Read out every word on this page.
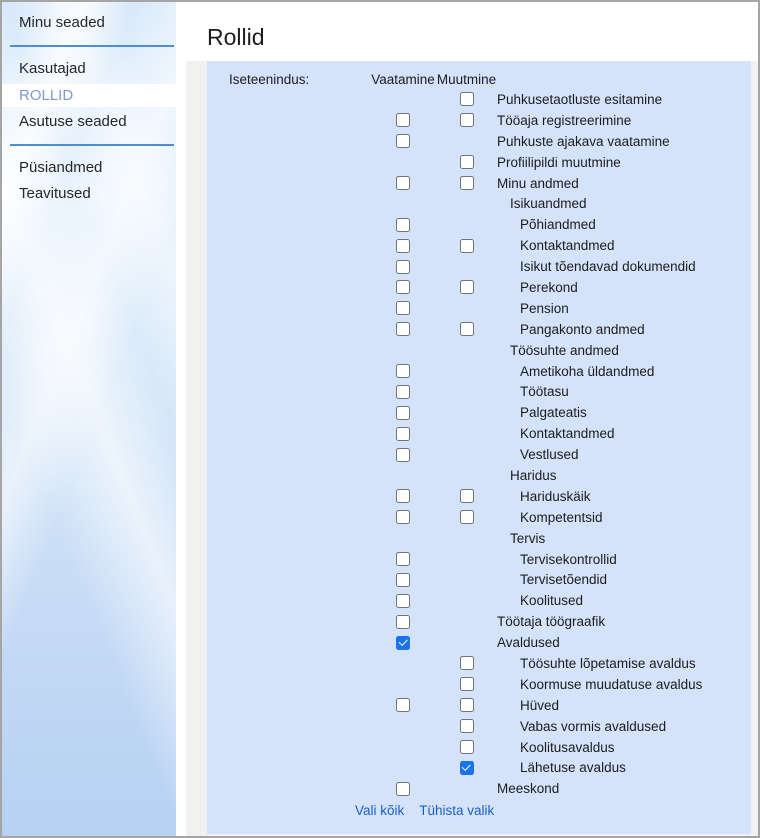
Minu seaded
Kasutajad
ROLLID
Asutuse seaded
Püsiandmed
Teavitused
Rollid
Iseteenindus:	Vaatamine Muutmine
Puhkusetaotluste esitamine
Tööaja registreerimine
Puhkuste ajakava vaatamine
Profiilipildi muutmine
Minu andmed
Isikuandmed
Põhiandmed
Kontaktandmed
Isikut tõendavad dokumendid
Perekond
Pension
Pangakonto andmed
Töösuhte andmed
Ametikoha üldandmed
Töötasu
Palgateatis
Kontaktandmed
Vestlused
Haridus
Hariduskäik
Kompetentsid
Tervis
Tervisekontrollid
Tervisetõendid
Koolitused
Töötaja töögraafik
Avaldused
Töösuhte lõpetamise avaldus
Koormuse muudatuse avaldus
Hüved
Vabas vormis avaldused
Koolitusavaldus
Lähetuse avaldus
Meeskond
Vali kõik Tühista valik
